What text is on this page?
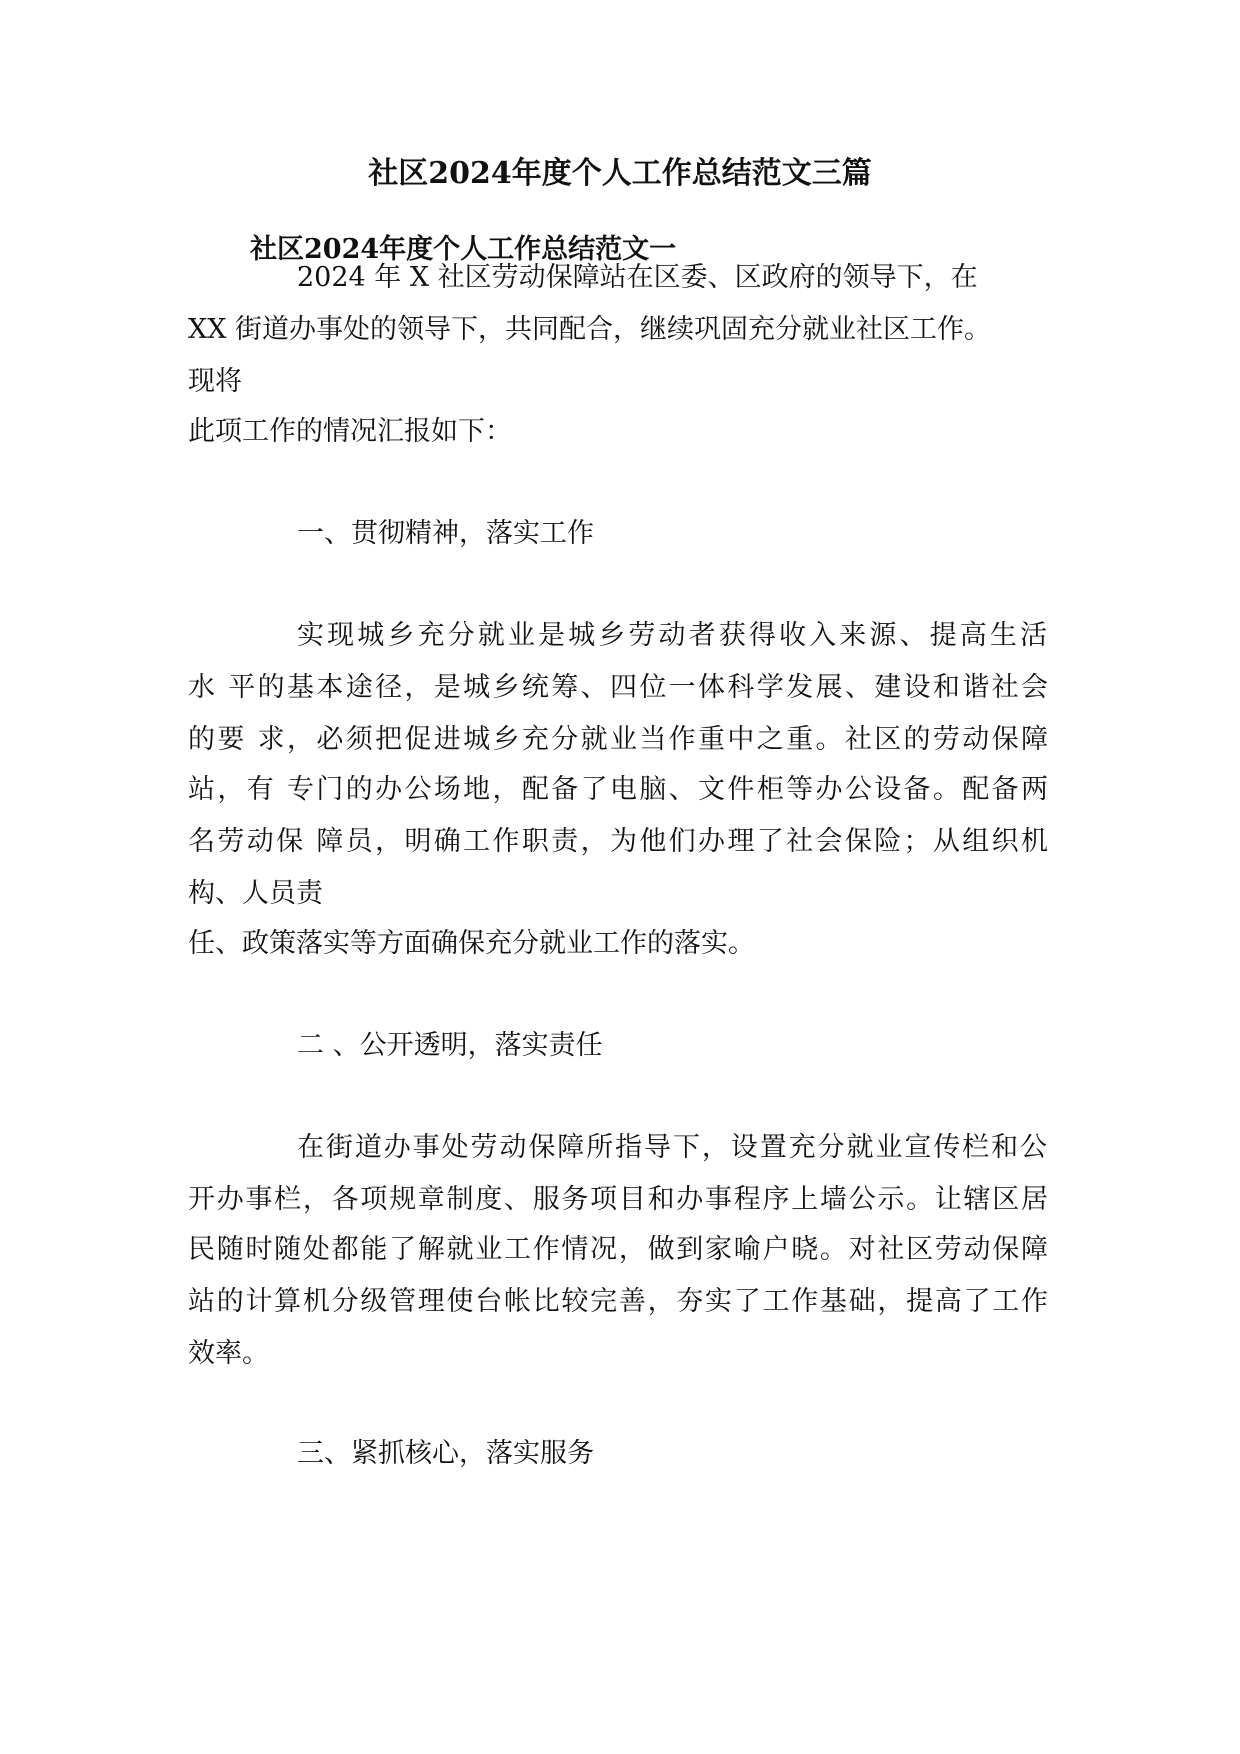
社区2024年度个人工作总结范文三篇
社区2024年度个人工作总结范文一
2024 年 X 社区劳动保障站在区委、区政府的领导下，在
XX 街道办事处的领导下，共同配合，继续巩固充分就业社区工作。
现将
此项工作的情况汇报如下：
一、贯彻精神，落实工作
实现城乡充分就业是城乡劳动者获得收入来源、提高生活
水 平的基本途径，是城乡统筹、四位一体科学发展、建设和谐社会
的要 求，必须把促进城乡充分就业当作重中之重。社区的劳动保障
站，有 专门的办公场地，配备了电脑、文件柜等办公设备。配备两
名劳动保 障员，明确工作职责，为他们办理了社会保险；从组织机
构、人员责
任、政策落实等方面确保充分就业工作的落实。
二 、公开透明，落实责任
在街道办事处劳动保障所指导下，设置充分就业宣传栏和公
开办事栏，各项规章制度、服务项目和办事程序上墙公示。让辖区居
民随时随处都能了解就业工作情况，做到家喻户晓。对社区劳动保障
站的计算机分级管理使台帐比较完善，夯实了工作基础，提高了工作
效率。
三、紧抓核心，落实服务
